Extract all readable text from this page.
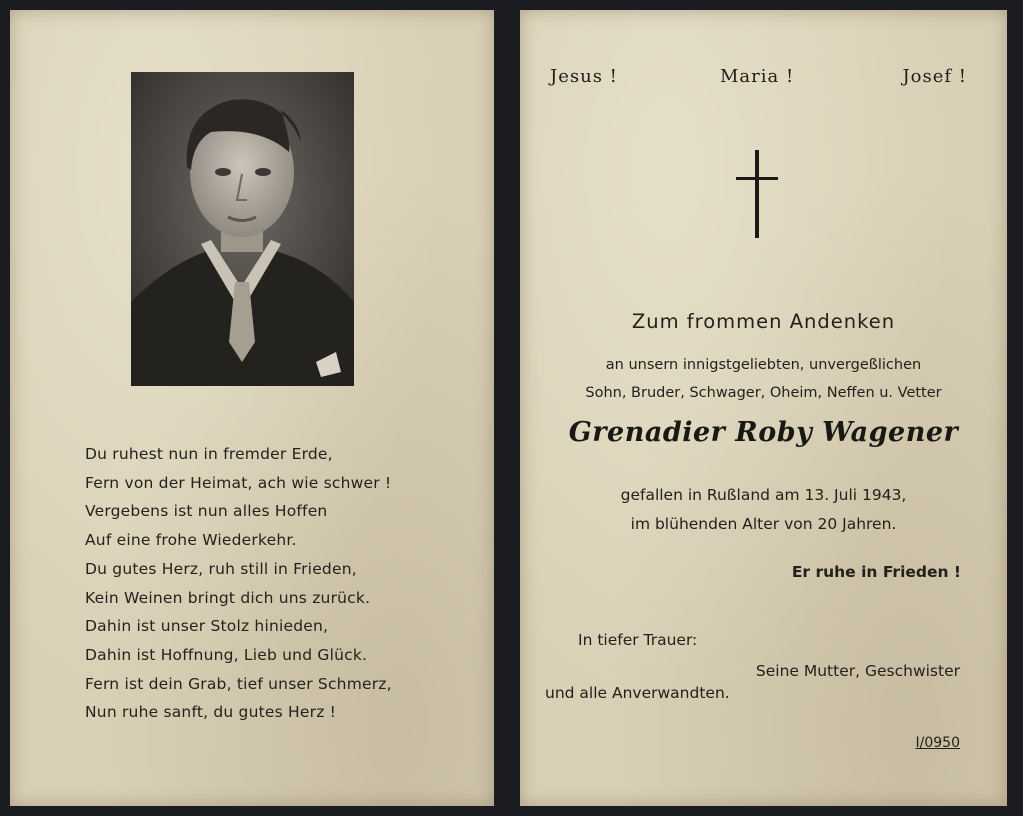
Du ruhest nun in fremder Erde,
Fern von der Heimat, ach wie schwer !
Vergebens ist nun alles Hoffen
Auf eine frohe Wiederkehr.
Du gutes Herz, ruh still in Frieden,
Kein Weinen bringt dich uns zurück.
Dahin ist unser Stolz hinieden,
Dahin ist Hoffnung, Lieb und Glück.
Fern ist dein Grab, tief unser Schmerz,
Nun ruhe sanft, du gutes Herz !
Jesus !	Maria !	Josef !
Zum frommen Andenken
an unsern innigstgeliebten, unvergeßlichen
Sohn, Bruder, Schwager, Oheim, Neffen u. Vetter
Grenadier Roby Wagener
gefallen in Rußland am 13. Juli 1943,
im blühenden Alter von 20 Jahren.
Er ruhe in Frieden !
In tiefer Trauer:
Seine Mutter, Geschwister
und alle Anverwandten.
I/0950
